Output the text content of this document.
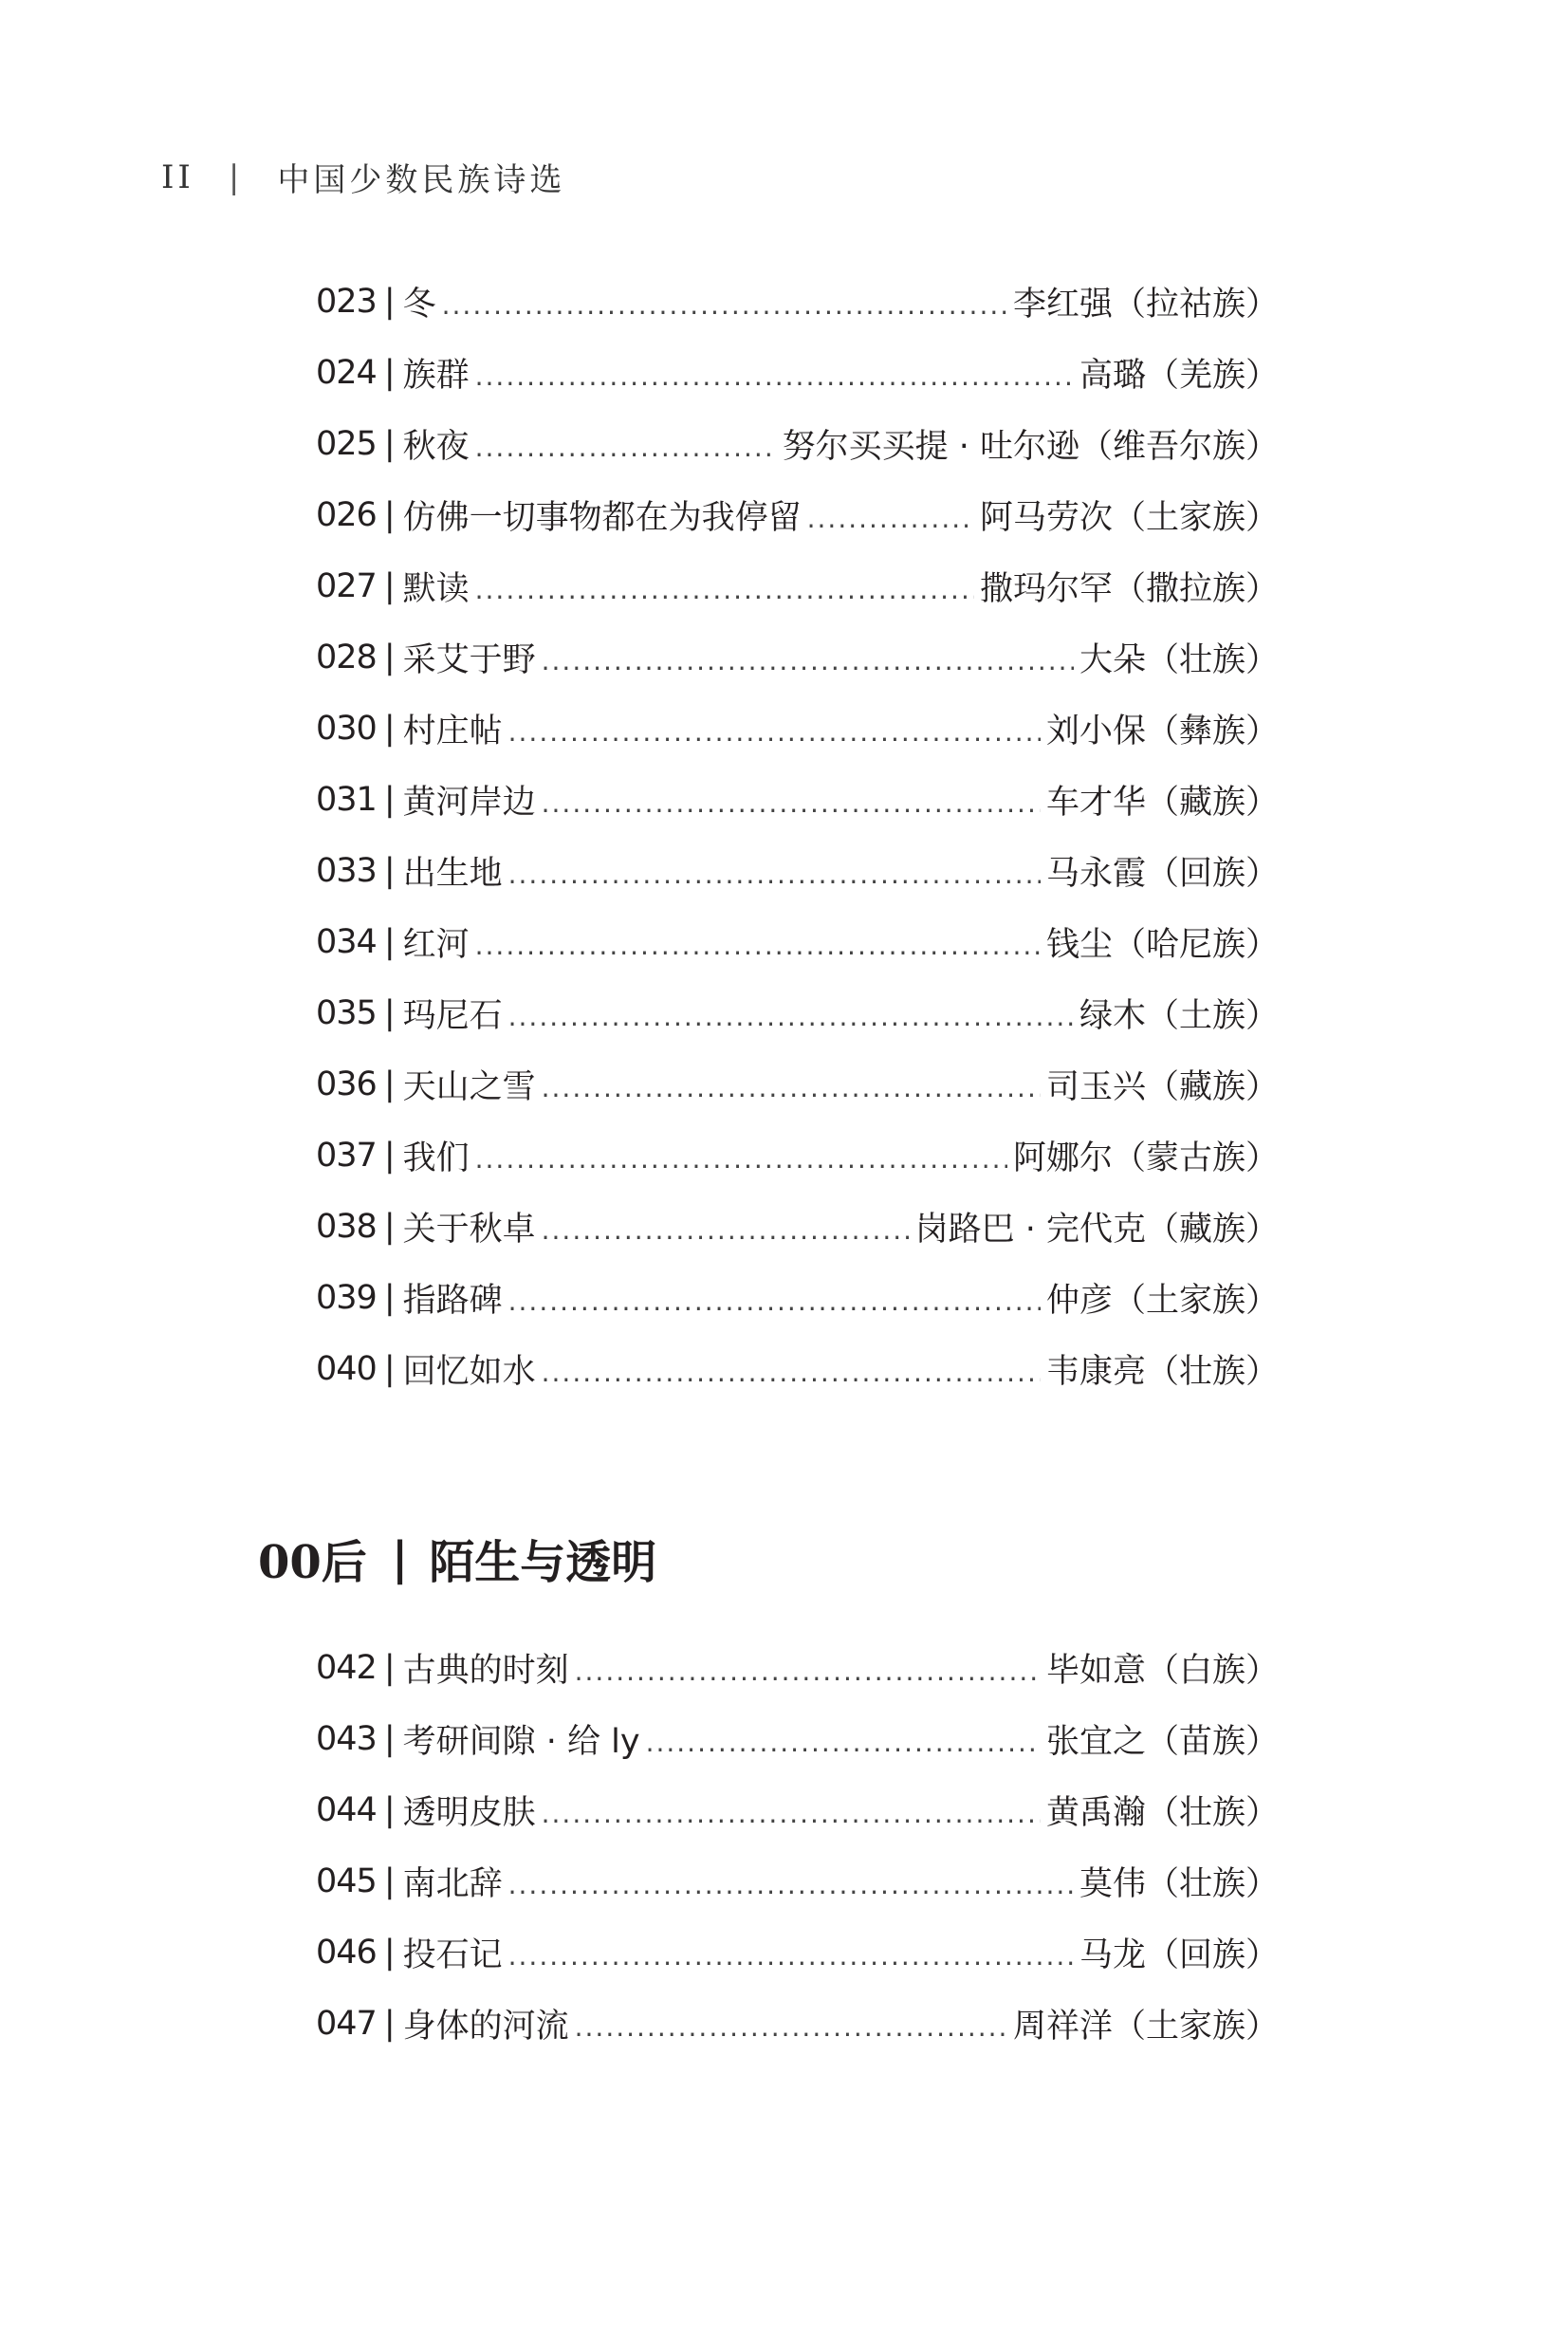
II | 中国少数民族诗选
023 | 冬 .....	李红强（拉祜族）
024 | 族群 .....	高璐（羌族）
025 | 秋夜 .....	努尔买买提 · 吐尔逊（维吾尔族）
026 | 仿佛一切事物都在为我停留 .....	阿马劳次（土家族）
027 | 默读 .....	撒玛尔罕（撒拉族）
028 | 采艾于野 .....	大朵（壮族）
030 | 村庄帖 .....	刘小保（彝族）
031 | 黄河岸边 .....	车才华（藏族）
033 | 出生地 .....	马永霞（回族）
034 | 红河 .....	钱尘（哈尼族）
035 | 玛尼石 .....	绿木（土族）
036 | 天山之雪 .....	司玉兴（藏族）
037 | 我们 .....	阿娜尔（蒙古族）
038 | 关于秋卓 .....	岗路巴 · 完代克（藏族）
039 | 指路碑 .....	仲彦（土家族）
040 | 回忆如水 .....	韦康亮（壮族）
00后 | 陌生与透明
042 | 古典的时刻 .....	毕如意（白族）
043 | 考研间隙 · 给 ly .....	张宜之（苗族）
044 | 透明皮肤 .....	黄禹瀚（壮族）
045 | 南北辞 .....	莫伟（壮族）
046 | 投石记 .....	马龙（回族）
047 | 身体的河流 .....	周祥洋（土家族）
